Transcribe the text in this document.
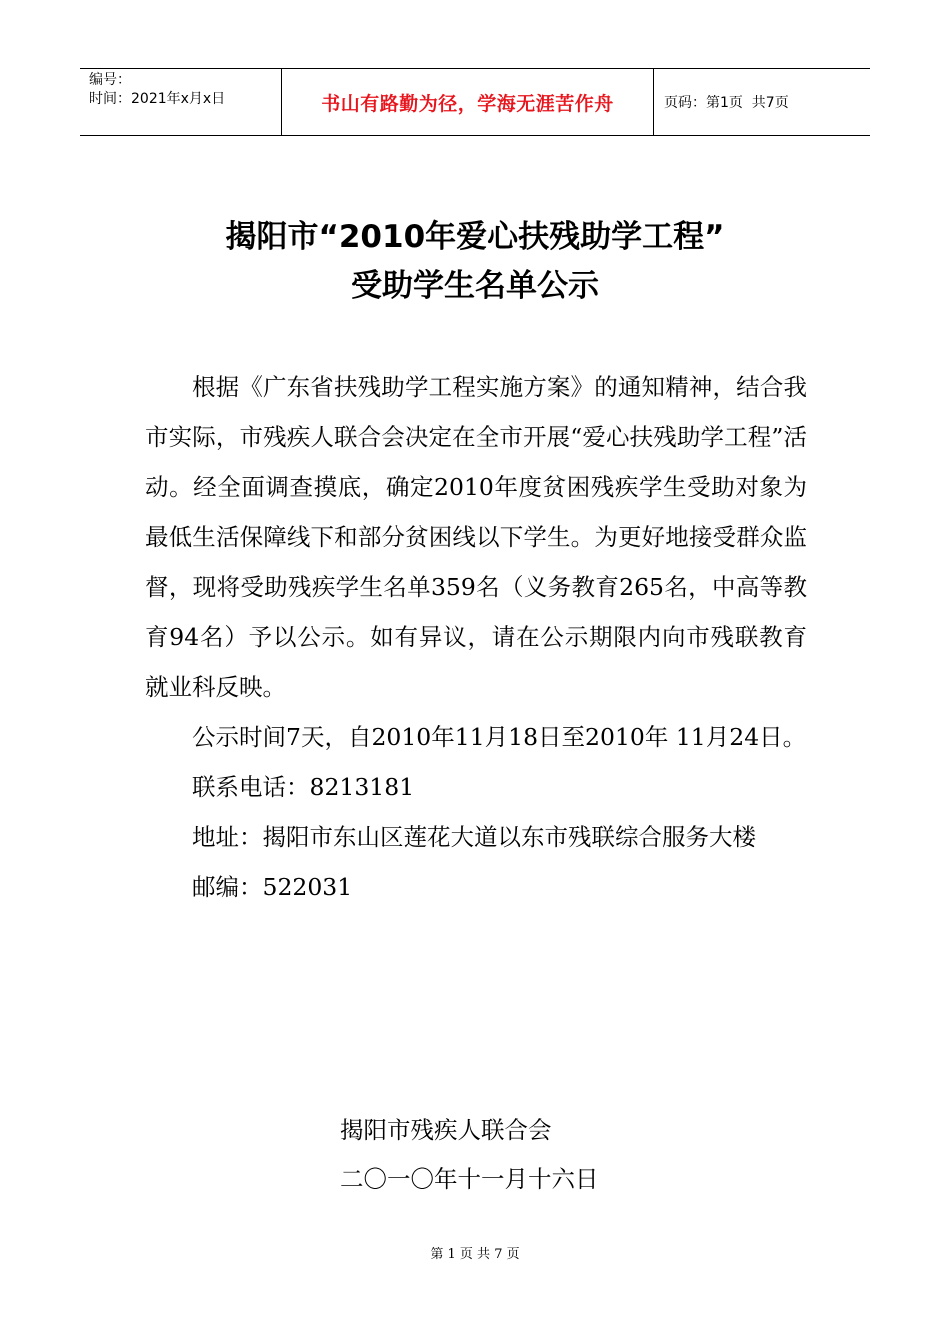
编号：
时间：2021年x月x日	书山有路勤为径，学海无涯苦作舟	页码：第1页  共7页
揭阳市“2010年爱心扶残助学工程”
受助学生名单公示

根据《广东省扶残助学工程实施方案》的通知精神，结合我市实际，市残疾人联合会决定在全市开展“爱心扶残助学工程”活动。经全面调查摸底，确定2010年度贫困残疾学生受助对象为最低生活保障线下和部分贫困线以下学生。为更好地接受群众监督，现将受助残疾学生名单359名（义务教育265名，中高等教育94名）予以公示。如有异议，请在公示期限内向市残联教育就业科反映。

公示时间7天，自2010年11月18日至2010年 11月24日。

联系电话：8213181

地址：揭阳市东山区莲花大道以东市残联综合服务大楼

邮编：522031

揭阳市残疾人联合会
二〇一〇年十一月十六日
第 1 页 共 7 页
